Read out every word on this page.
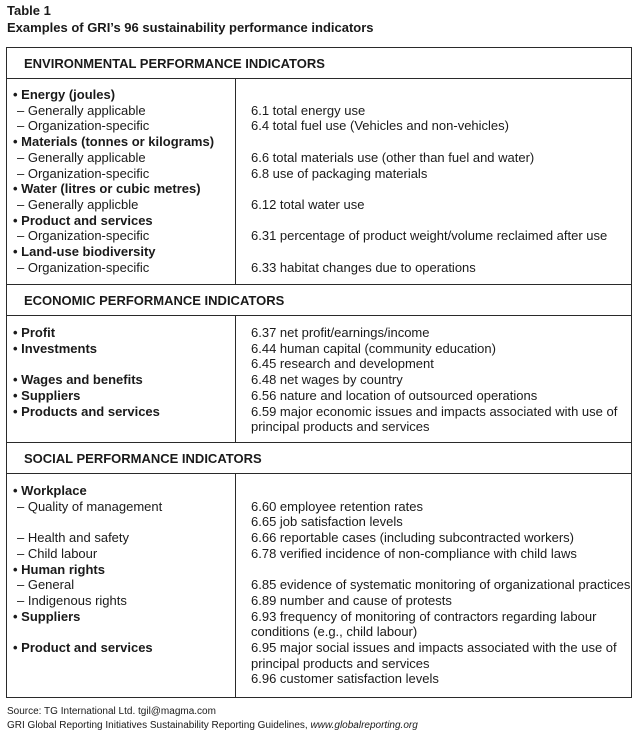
Table 1
Examples of GRI’s 96 sustainability performance indicators
ENVIRONMENTAL PERFORMANCE INDICATORS
• Energy (joules)
– Generally applicable	6.1 total energy use
– Organization-specific	6.4 total fuel use (Vehicles and non-vehicles)
• Materials (tonnes or kilograms)
– Generally applicable	6.6 total materials use (other than fuel and water)
– Organization-specific	6.8 use of packaging materials
• Water (litres or cubic metres)
– Generally applicble	6.12 total water use
• Product and services
– Organization-specific	6.31 percentage of product weight/volume reclaimed after use
• Land-use biodiversity
– Organization-specific	6.33 habitat changes due to operations
ECONOMIC PERFORMANCE INDICATORS
• Profit	6.37 net profit/earnings/income
• Investments	6.44 human capital (community education)
6.45 research and development
• Wages and benefits	6.48 net wages by country
• Suppliers	6.56 nature and location of outsourced operations
• Products and services	6.59 major economic issues and impacts associated with use of
principal products and services
SOCIAL PERFORMANCE INDICATORS
• Workplace
– Quality of management	6.60 employee retention rates
6.65 job satisfaction levels
– Health and safety	6.66 reportable cases (including subcontracted workers)
– Child labour	6.78 verified incidence of non-compliance with child laws
• Human rights
– General	6.85 evidence of systematic monitoring of organizational practices
– Indigenous rights	6.89 number and cause of protests
• Suppliers	6.93 frequency of monitoring of contractors regarding labour
conditions (e.g., child labour)
• Product and services	6.95 major social issues and impacts associated with the use of
principal products and services
6.96 customer satisfaction levels
Source: TG International Ltd. tgil@magma.com
GRI Global Reporting Initiatives Sustainability Reporting Guidelines, www.globalreporting.org
